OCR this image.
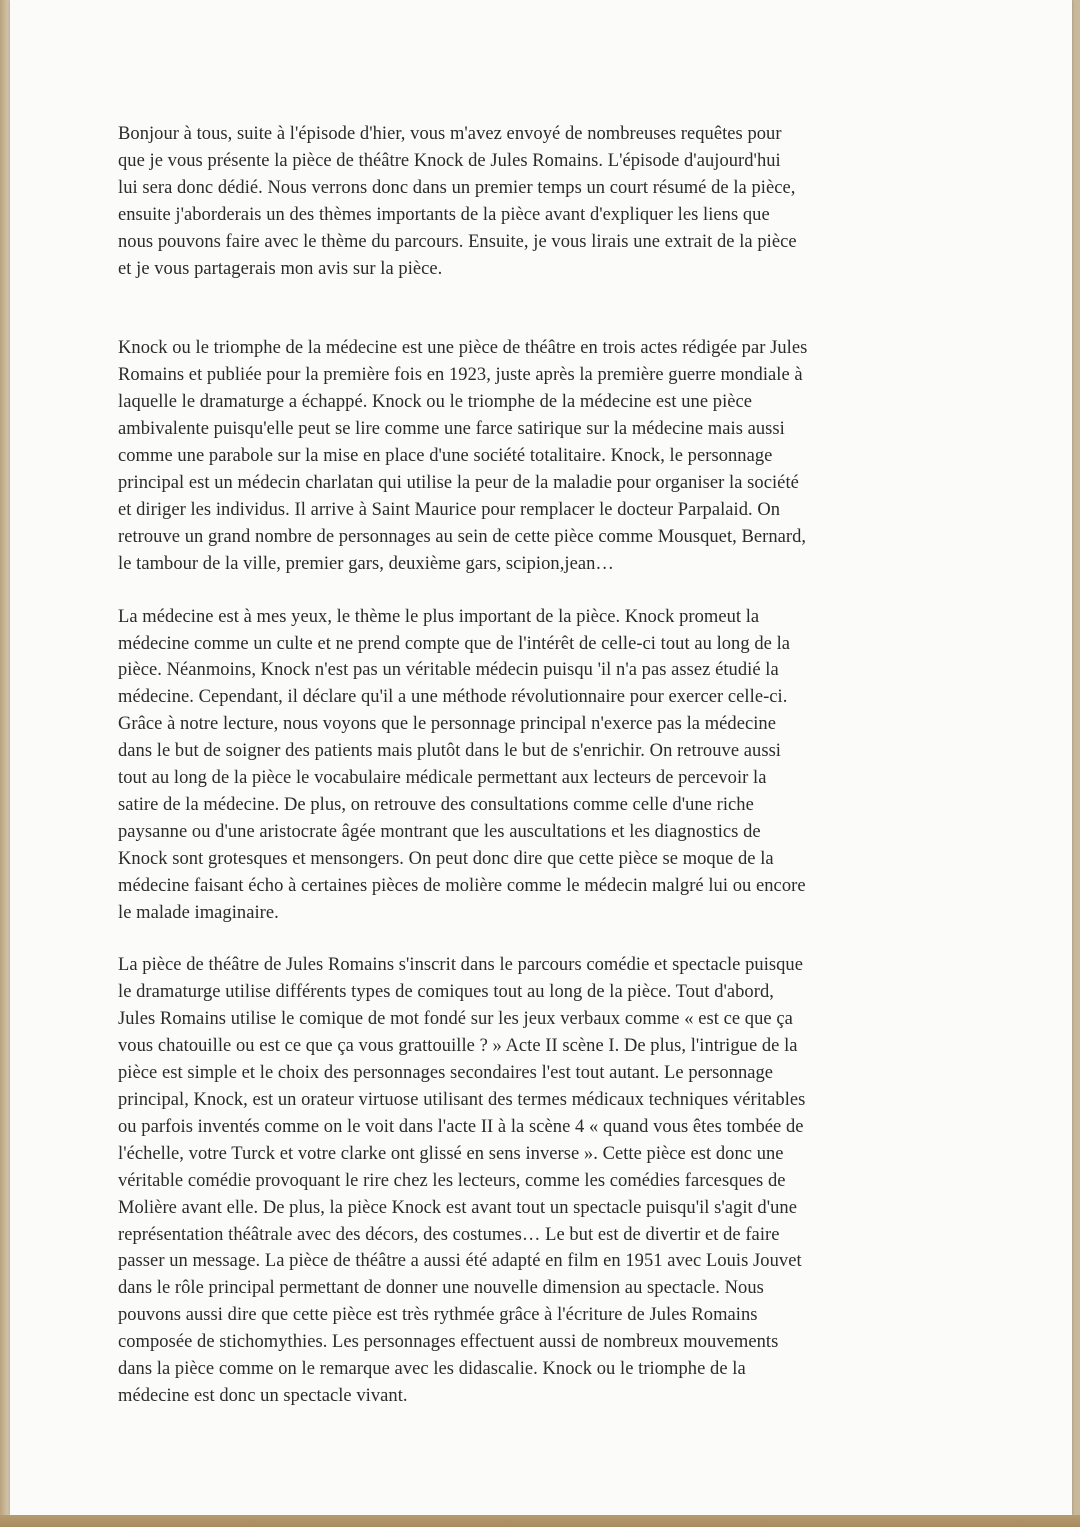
Bonjour à tous, suite à l'épisode d'hier, vous m'avez envoyé de nombreuses requêtes pour
que je vous présente la pièce de théâtre Knock de Jules Romains. L'épisode d'aujourd'hui
lui sera donc dédié. Nous verrons donc dans un premier temps un court résumé de la pièce,
ensuite j'aborderais un des thèmes importants de la pièce avant d'expliquer les liens que
nous pouvons faire avec le thème du parcours. Ensuite, je vous lirais une extrait de la pièce
et je vous partagerais mon avis sur la pièce.

Knock ou le triomphe de la médecine est une pièce de théâtre en trois actes rédigée par Jules
Romains et publiée pour la première fois en 1923, juste après la première guerre mondiale à
laquelle le dramaturge a échappé. Knock ou le triomphe de la médecine est une pièce
ambivalente puisqu'elle peut se lire comme une farce satirique sur la médecine mais aussi
comme une parabole sur la mise en place d'une société totalitaire. Knock, le personnage
principal est un médecin charlatan qui utilise la peur de la maladie pour organiser la société
et diriger les individus. Il arrive à Saint Maurice pour remplacer le docteur Parpalaid. On
retrouve un grand nombre de personnages au sein de cette pièce comme Mousquet, Bernard,
le tambour de la ville, premier gars, deuxième gars, scipion,jean…

La médecine est à mes yeux, le thème le plus important de la pièce. Knock promeut la
médecine comme un culte et ne prend compte que de l'intérêt de celle-ci tout au long de la
pièce. Néanmoins, Knock n'est pas un véritable médecin puisqu 'il n'a pas assez étudié la
médecine. Cependant, il déclare qu'il a une méthode révolutionnaire pour exercer celle-ci.
Grâce à notre lecture, nous voyons que le personnage principal n'exerce pas la médecine
dans le but de soigner des patients mais plutôt dans le but de s'enrichir. On retrouve aussi
tout au long de la pièce le vocabulaire médicale permettant aux lecteurs de percevoir la
satire de la médecine. De plus, on retrouve des consultations comme celle d'une riche
paysanne ou d'une aristocrate âgée montrant que les auscultations et les diagnostics de
Knock sont grotesques et mensongers. On peut donc dire que cette pièce se moque de la
médecine faisant écho à certaines pièces de molière comme le médecin malgré lui ou encore
le malade imaginaire.

La pièce de théâtre de Jules Romains s'inscrit dans le parcours comédie et spectacle puisque
le dramaturge utilise différents types de comiques tout au long de la pièce. Tout d'abord,
Jules Romains utilise le comique de mot fondé sur les jeux verbaux comme « est ce que ça
vous chatouille ou est ce que ça vous grattouille ? » Acte II scène I. De plus, l'intrigue de la
pièce est simple et le choix des personnages secondaires l'est tout autant. Le personnage
principal, Knock, est un orateur virtuose utilisant des termes médicaux techniques véritables
ou parfois inventés comme on le voit dans l'acte II à la scène 4 « quand vous êtes tombée de
l'échelle, votre Turck et votre clarke ont glissé en sens inverse ». Cette pièce est donc une
véritable comédie provoquant le rire chez les lecteurs, comme les comédies farcesques de
Molière avant elle. De plus, la pièce Knock est avant tout un spectacle puisqu'il s'agit d'une
représentation théâtrale avec des décors, des costumes… Le but est de divertir et de faire
passer un message. La pièce de théâtre a aussi été adapté en film en 1951 avec Louis Jouvet
dans le rôle principal permettant de donner une nouvelle dimension au spectacle. Nous
pouvons aussi dire que cette pièce est très rythmée grâce à l'écriture de Jules Romains
composée de stichomythies. Les personnages effectuent aussi de nombreux mouvements
dans la pièce comme on le remarque avec les didascalie. Knock ou le triomphe de la
médecine est donc un spectacle vivant.
